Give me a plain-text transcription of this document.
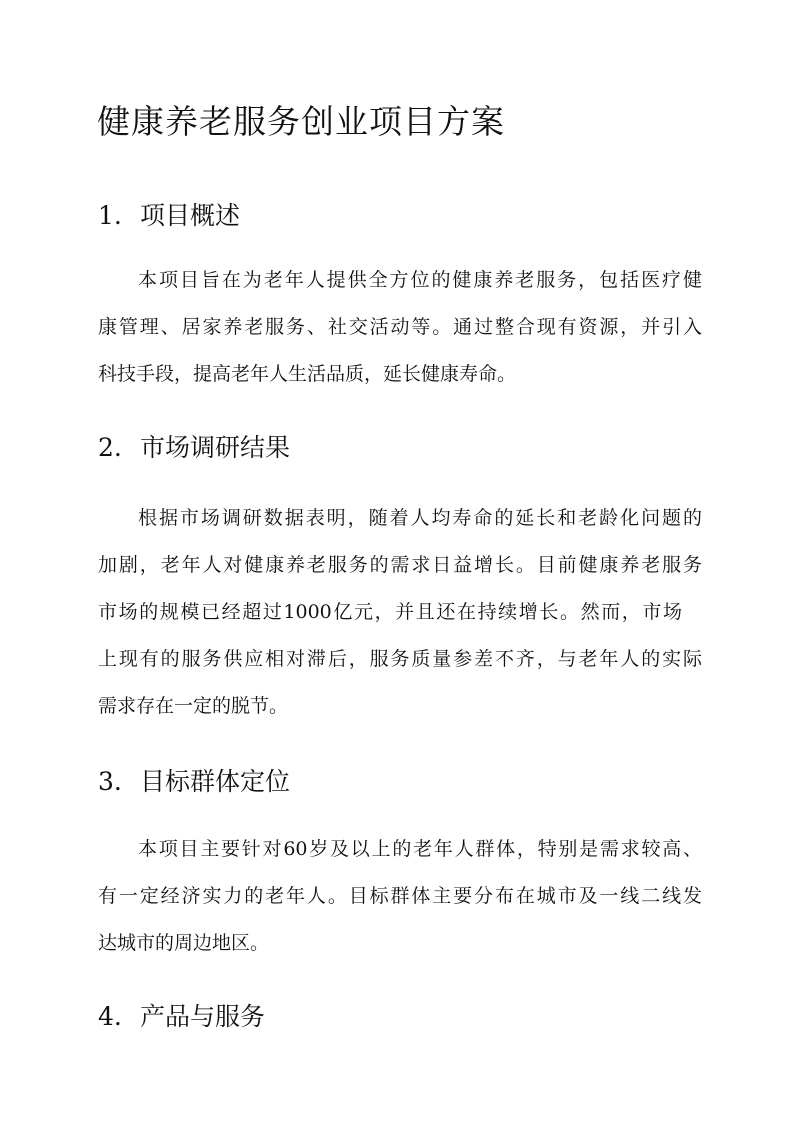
健康养老服务创业项目方案
1. 项目概述
本项目旨在为老年人提供全方位的健康养老服务，包括医疗健
康管理、居家养老服务、社交活动等。通过整合现有资源，并引入
科技手段，提高老年人生活品质，延长健康寿命。
2. 市场调研结果
根据市场调研数据表明，随着人均寿命的延长和老龄化问题的
加剧，老年人对健康养老服务的需求日益增长。目前健康养老服务
市场的规模已经超过1000亿元，并且还在持续增长。然而，市场
上现有的服务供应相对滞后，服务质量参差不齐，与老年人的实际
需求存在一定的脱节。
3. 目标群体定位
本项目主要针对60岁及以上的老年人群体，特别是需求较高、
有一定经济实力的老年人。目标群体主要分布在城市及一线二线发
达城市的周边地区。
4. 产品与服务
